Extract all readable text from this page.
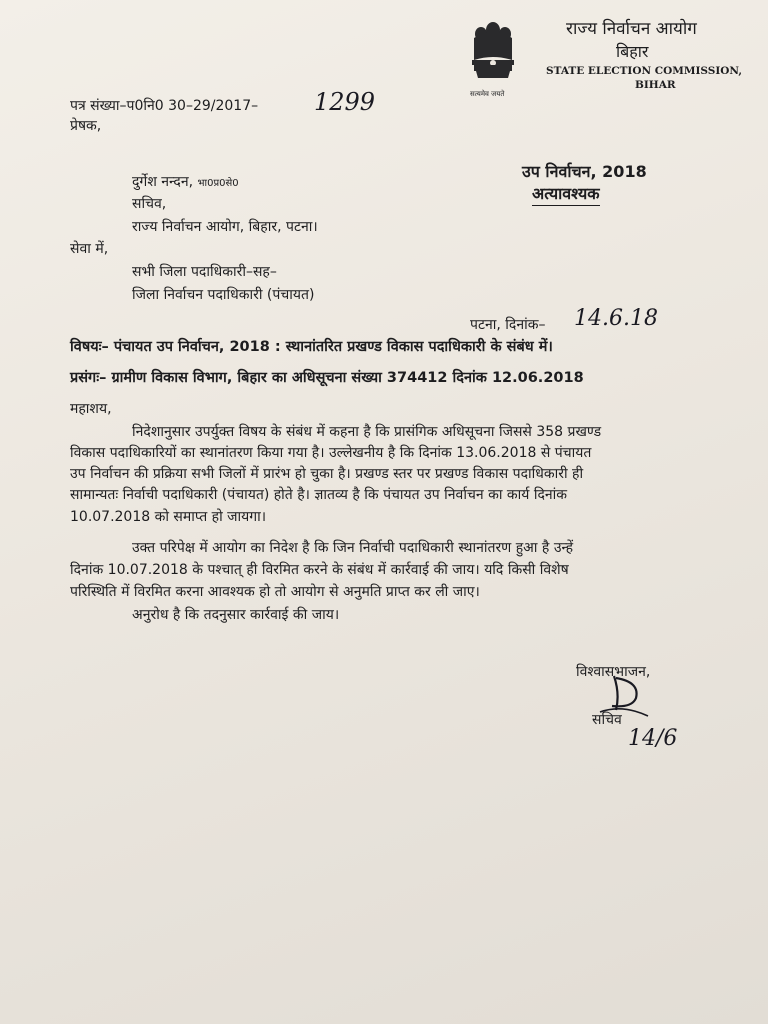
सत्यमेव जयते
राज्य निर्वाचन आयोग
बिहार
STATE ELECTION COMMISSION,
BIHAR
पत्र संख्या–प0नि0 30–29/2017– 1299
प्रेषक,
उप निर्वाचन, 2018
अत्यावश्यक
दुर्गेश नन्दन, भा0प्र0से0
सचिव,
राज्य निर्वाचन आयोग, बिहार, पटना।
सेवा में,
सभी जिला पदाधिकारी–सह–
जिला निर्वाचन पदाधिकारी (पंचायत)
पटना, दिनांक– 14.6.18
विषयः– पंचायत उप निर्वाचन, 2018 : स्थानांतरित प्रखण्ड विकास पदाधिकारी के संबंध में।
प्रसंगः– ग्रामीण विकास विभाग, बिहार का अधिसूचना संख्या 374412 दिनांक 12.06.2018
महाशय,
निदेशानुसार उपर्युक्त विषय के संबंध में कहना है कि प्रासंगिक अधिसूचना जिससे 358 प्रखण्ड
विकास पदाधिकारियों का स्थानांतरण किया गया है। उल्लेखनीय है कि दिनांक 13.06.2018 से पंचायत
उप निर्वाचन की प्रक्रिया सभी जिलों में प्रारंभ हो चुका है। प्रखण्ड स्तर पर प्रखण्ड विकास पदाधिकारी ही
सामान्यतः निर्वाची पदाधिकारी (पंचायत) होते है। ज्ञातव्य है कि पंचायत उप निर्वाचन का कार्य दिनांक
10.07.2018 को समाप्त हो जायगा।
उक्त परिपेक्ष में आयोग का निदेश है कि जिन निर्वाची पदाधिकारी स्थानांतरण हुआ है उन्हें
दिनांक 10.07.2018 के पश्चात् ही विरमित करने के संबंध में कार्रवाई की जाय। यदि किसी विशेष
परिस्थिति में विरमित करना आवश्यक हो तो आयोग से अनुमति प्राप्त कर ली जाए।
अनुरोध है कि तदनुसार कार्रवाई की जाय।
विश्वासभाजन,
सचिव
14/6
